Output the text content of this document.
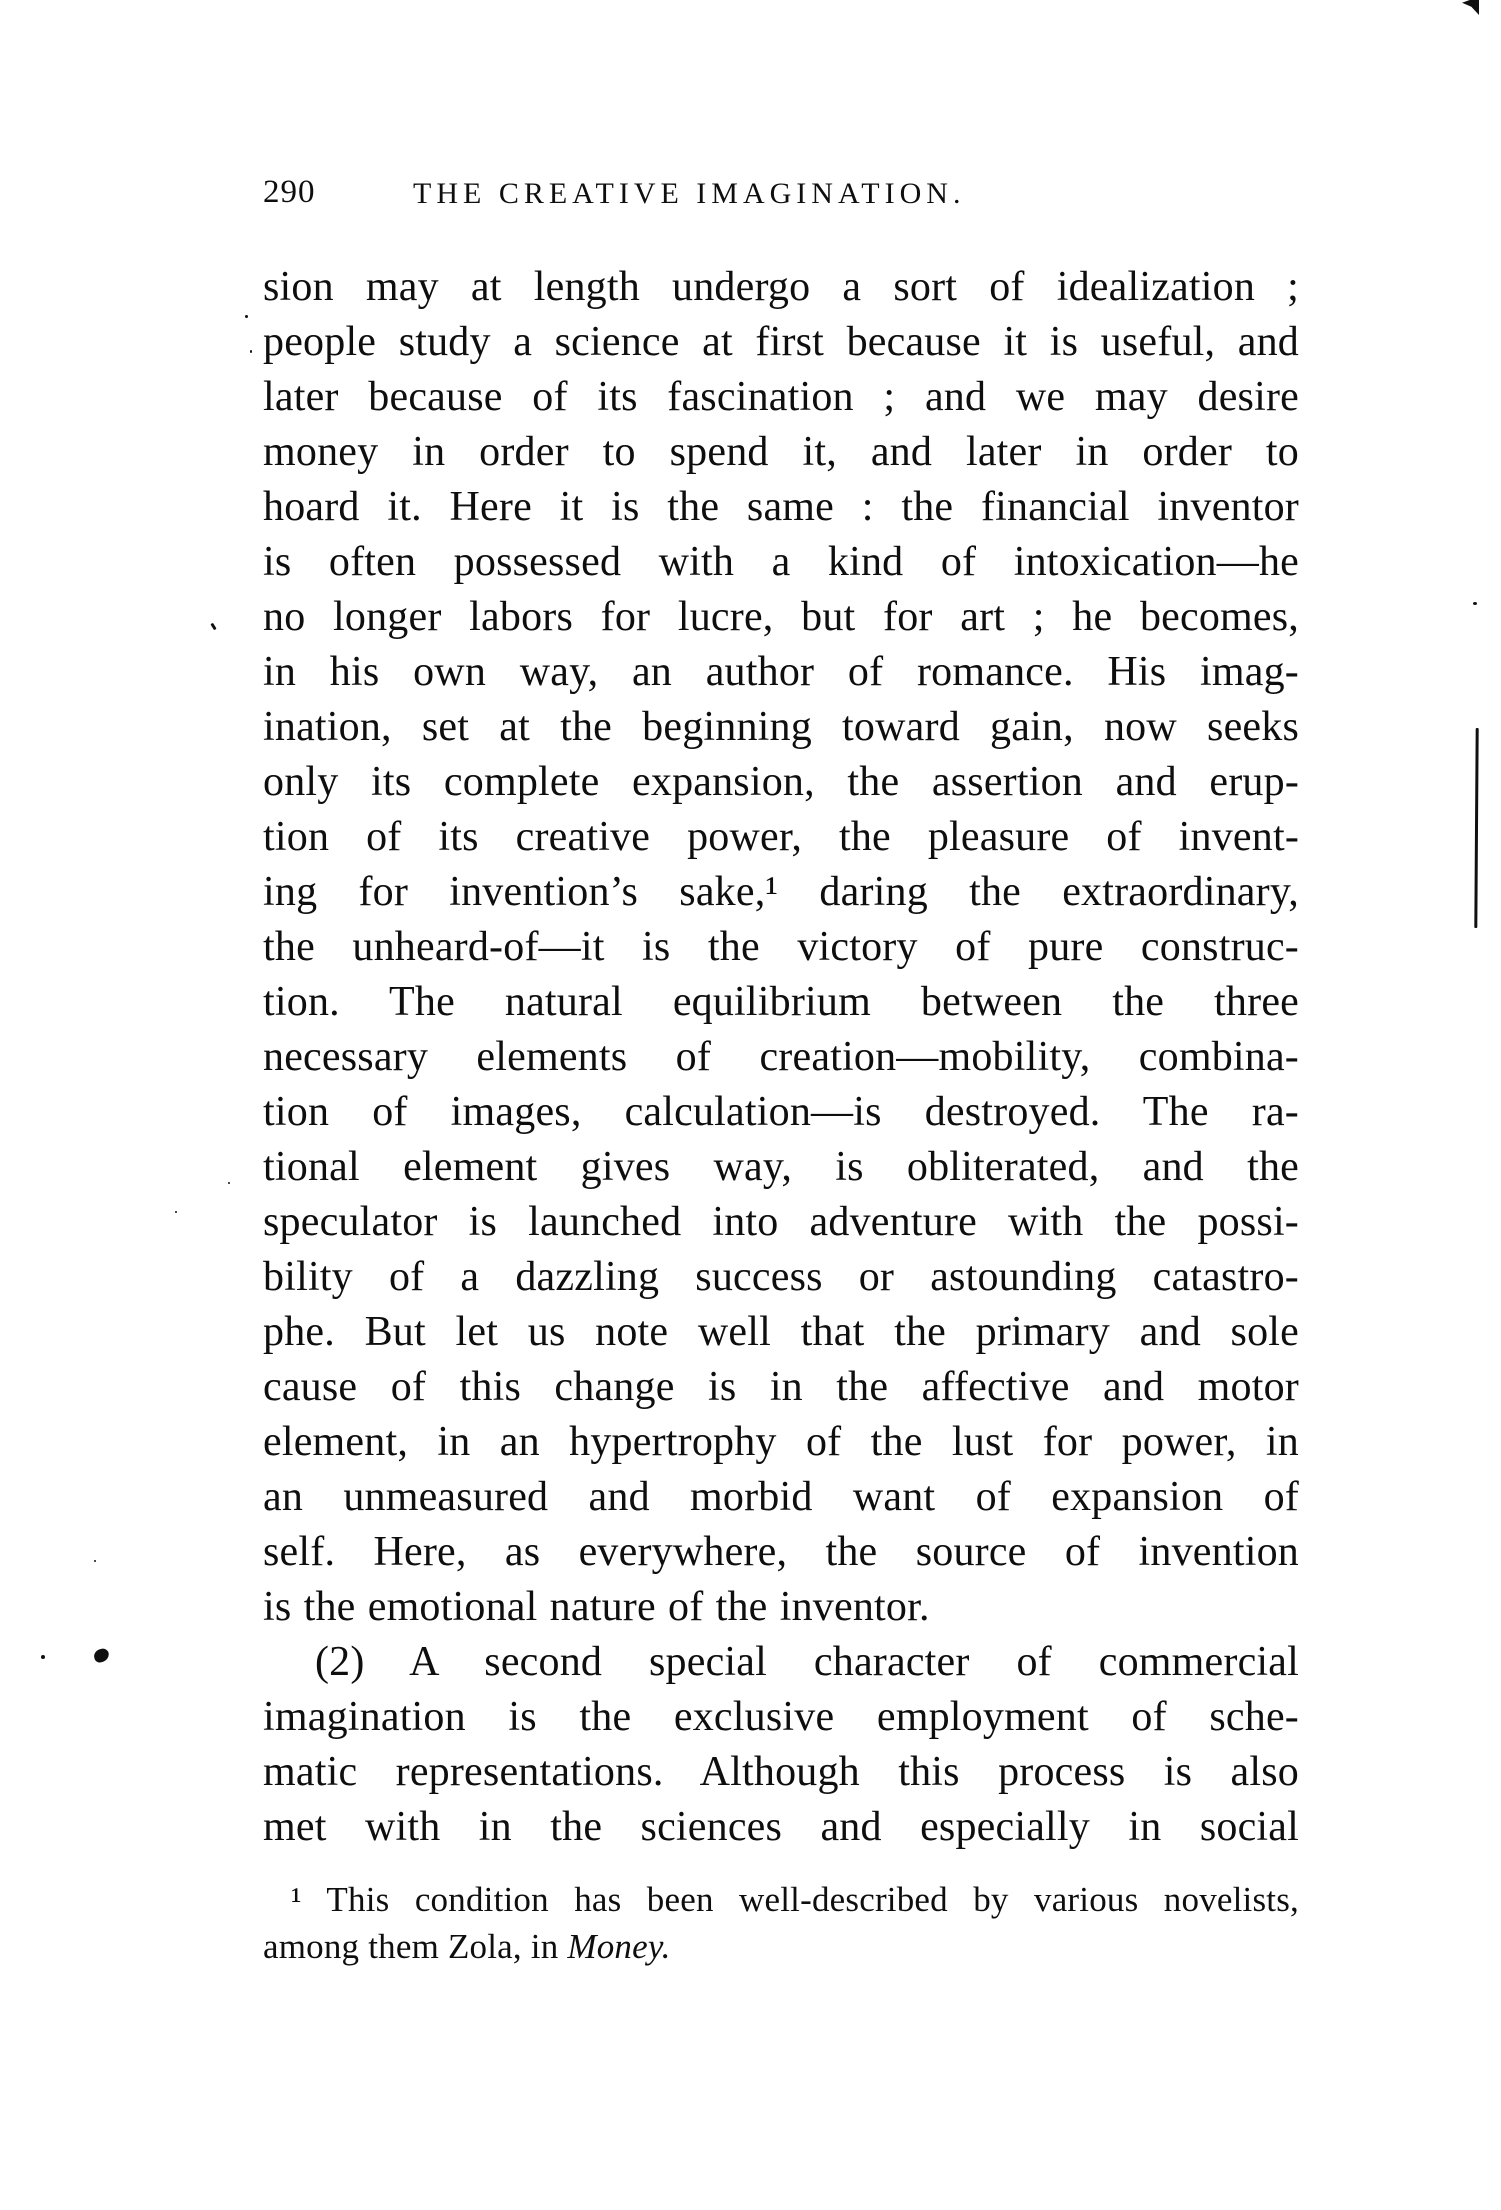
290	THE CREATIVE IMAGINATION.
sion may at length undergo a sort of idealization ;
people study a science at first because it is useful, and
later because of its fascination ; and we may desire
money in order to spend it, and later in order to
hoard it. Here it is the same : the financial inventor
is often possessed with a kind of intoxication—he
no longer labors for lucre, but for art ; he becomes,
in his own way, an author of romance. His imag-
ination, set at the beginning toward gain, now seeks
only its complete expansion, the assertion and erup-
tion of its creative power, the pleasure of invent-
ing for invention’s sake,¹ daring the extraordinary,
the unheard-of—it is the victory of pure construc-
tion. The natural equilibrium between the three
necessary elements of creation—mobility, combina-
tion of images, calculation—is destroyed. The ra-
tional element gives way, is obliterated, and the
speculator is launched into adventure with the possi-
bility of a dazzling success or astounding catastro-
phe. But let us note well that the primary and sole
cause of this change is in the affective and motor
element, in an hypertrophy of the lust for power, in
an unmeasured and morbid want of expansion of
self. Here, as everywhere, the source of invention
is the emotional nature of the inventor.
(2) A second special character of commercial
imagination is the exclusive employment of sche-
matic representations. Although this process is also
met with in the sciences and especially in social
¹ This condition has been well-described by various novelists,
among them Zola, in Money.
